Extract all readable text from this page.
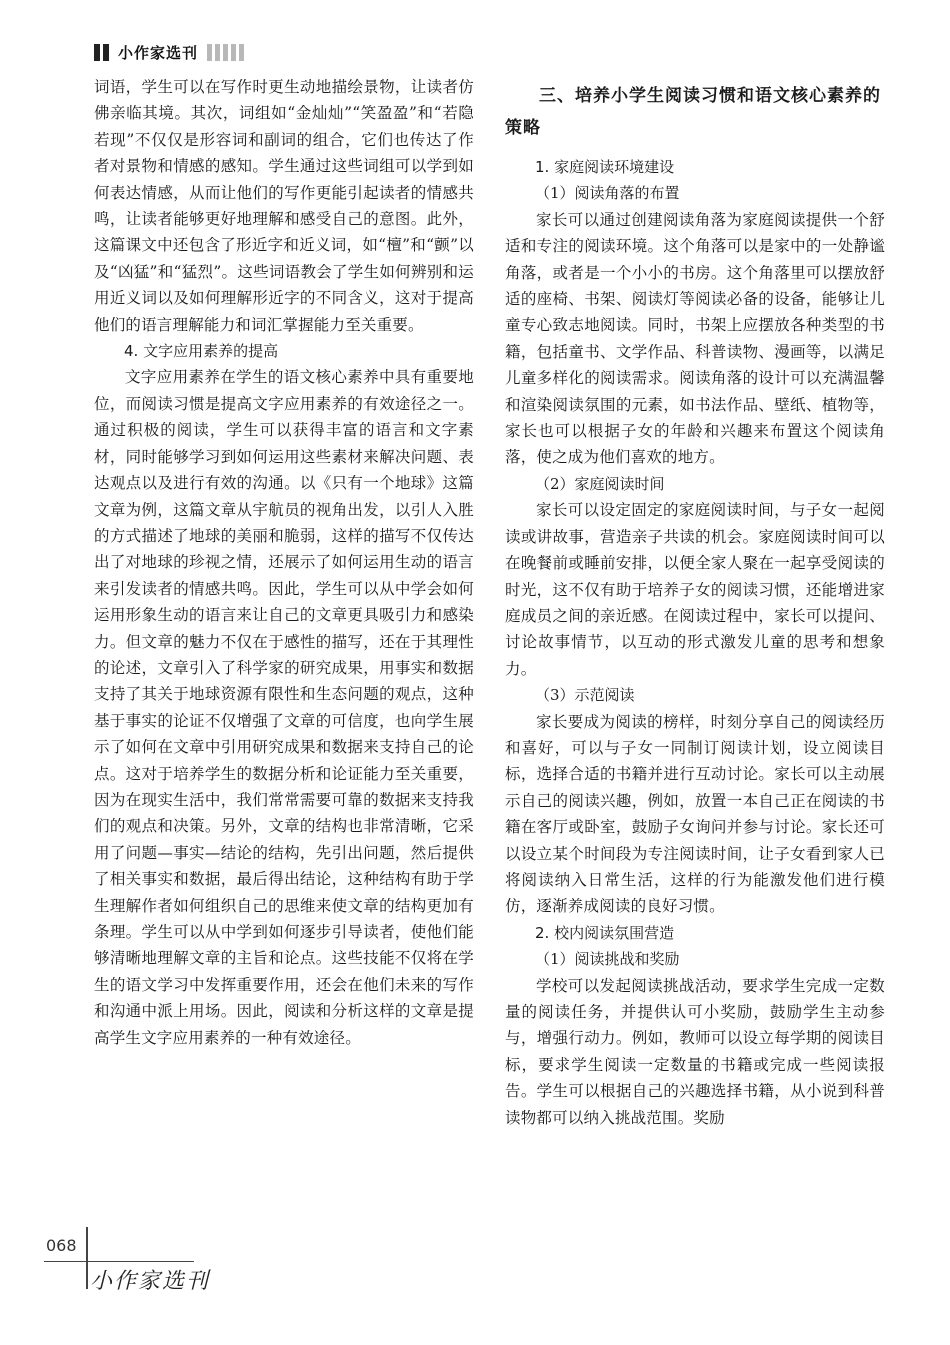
小作家选刊

词语，学生可以在写作时更生动地描绘景物，让读者仿佛亲临其境。其次，词组如“金灿灿”“笑盈盈”和“若隐若现”不仅仅是形容词和副词的组合，它们也传达了作者对景物和情感的感知。学生通过这些词组可以学到如何表达情感，从而让他们的写作更能引起读者的情感共鸣，让读者能够更好地理解和感受自己的意图。此外，这篇课文中还包含了形近字和近义词，如“檀”和“颤”以及“凶猛”和“猛烈”。这些词语教会了学生如何辨别和运用近义词以及如何理解形近字的不同含义，这对于提高他们的语言理解能力和词汇掌握能力至关重要。

4. 文字应用素养的提高

文字应用素养在学生的语文核心素养中具有重要地位，而阅读习惯是提高文字应用素养的有效途径之一。通过积极的阅读，学生可以获得丰富的语言和文字素材，同时能够学习到如何运用这些素材来解决问题、表达观点以及进行有效的沟通。以《只有一个地球》这篇文章为例，这篇文章从宇航员的视角出发，以引人入胜的方式描述了地球的美丽和脆弱，这样的描写不仅传达出了对地球的珍视之情，还展示了如何运用生动的语言来引发读者的情感共鸣。因此，学生可以从中学会如何运用形象生动的语言来让自己的文章更具吸引力和感染力。但文章的魅力不仅在于感性的描写，还在于其理性的论述，文章引入了科学家的研究成果，用事实和数据支持了其关于地球资源有限性和生态问题的观点，这种基于事实的论证不仅增强了文章的可信度，也向学生展示了如何在文章中引用研究成果和数据来支持自己的论点。这对于培养学生的数据分析和论证能力至关重要，因为在现实生活中，我们常常需要可靠的数据来支持我们的观点和决策。另外，文章的结构也非常清晰，它采用了问题—事实—结论的结构，先引出问题，然后提供了相关事实和数据，最后得出结论，这种结构有助于学生理解作者如何组织自己的思维来使文章的结构更加有条理。学生可以从中学到如何逐步引导读者，使他们能够清晰地理解文章的主旨和论点。这些技能不仅将在学生的语文学习中发挥重要作用，还会在他们未来的写作和沟通中派上用场。因此，阅读和分析这样的文章是提高学生文字应用素养的一种有效途径。

三、培养小学生阅读习惯和语文核心素养的策略
1. 家庭阅读环境建设
（1）阅读角落的布置

家长可以通过创建阅读角落为家庭阅读提供一个舒适和专注的阅读环境。这个角落可以是家中的一处静谧角落，或者是一个小小的书房。这个角落里可以摆放舒适的座椅、书架、阅读灯等阅读必备的设备，能够让儿童专心致志地阅读。同时，书架上应摆放各种类型的书籍，包括童书、文学作品、科普读物、漫画等，以满足儿童多样化的阅读需求。阅读角落的设计可以充满温馨和渲染阅读氛围的元素，如书法作品、壁纸、植物等，家长也可以根据子女的年龄和兴趣来布置这个阅读角落，使之成为他们喜欢的地方。

（2）家庭阅读时间

家长可以设定固定的家庭阅读时间，与子女一起阅读或讲故事，营造亲子共读的机会。家庭阅读时间可以在晚餐前或睡前安排，以便全家人聚在一起享受阅读的时光，这不仅有助于培养子女的阅读习惯，还能增进家庭成员之间的亲近感。在阅读过程中，家长可以提问、讨论故事情节，以互动的形式激发儿童的思考和想象力。

（3）示范阅读

家长要成为阅读的榜样，时刻分享自己的阅读经历和喜好，可以与子女一同制订阅读计划，设立阅读目标，选择合适的书籍并进行互动讨论。家长可以主动展示自己的阅读兴趣，例如，放置一本自己正在阅读的书籍在客厅或卧室，鼓励子女询问并参与讨论。家长还可以设立某个时间段为专注阅读时间，让子女看到家人已将阅读纳入日常生活，这样的行为能激发他们进行模仿，逐渐养成阅读的良好习惯。

2. 校内阅读氛围营造
（1）阅读挑战和奖励

学校可以发起阅读挑战活动，要求学生完成一定数量的阅读任务，并提供认可小奖励，鼓励学生主动参与，增强行动力。例如，教师可以设立每学期的阅读目标，要求学生阅读一定数量的书籍或完成一些阅读报告。学生可以根据自己的兴趣选择书籍，从小说到科普读物都可以纳入挑战范围。奖励

068
小作家选刊
